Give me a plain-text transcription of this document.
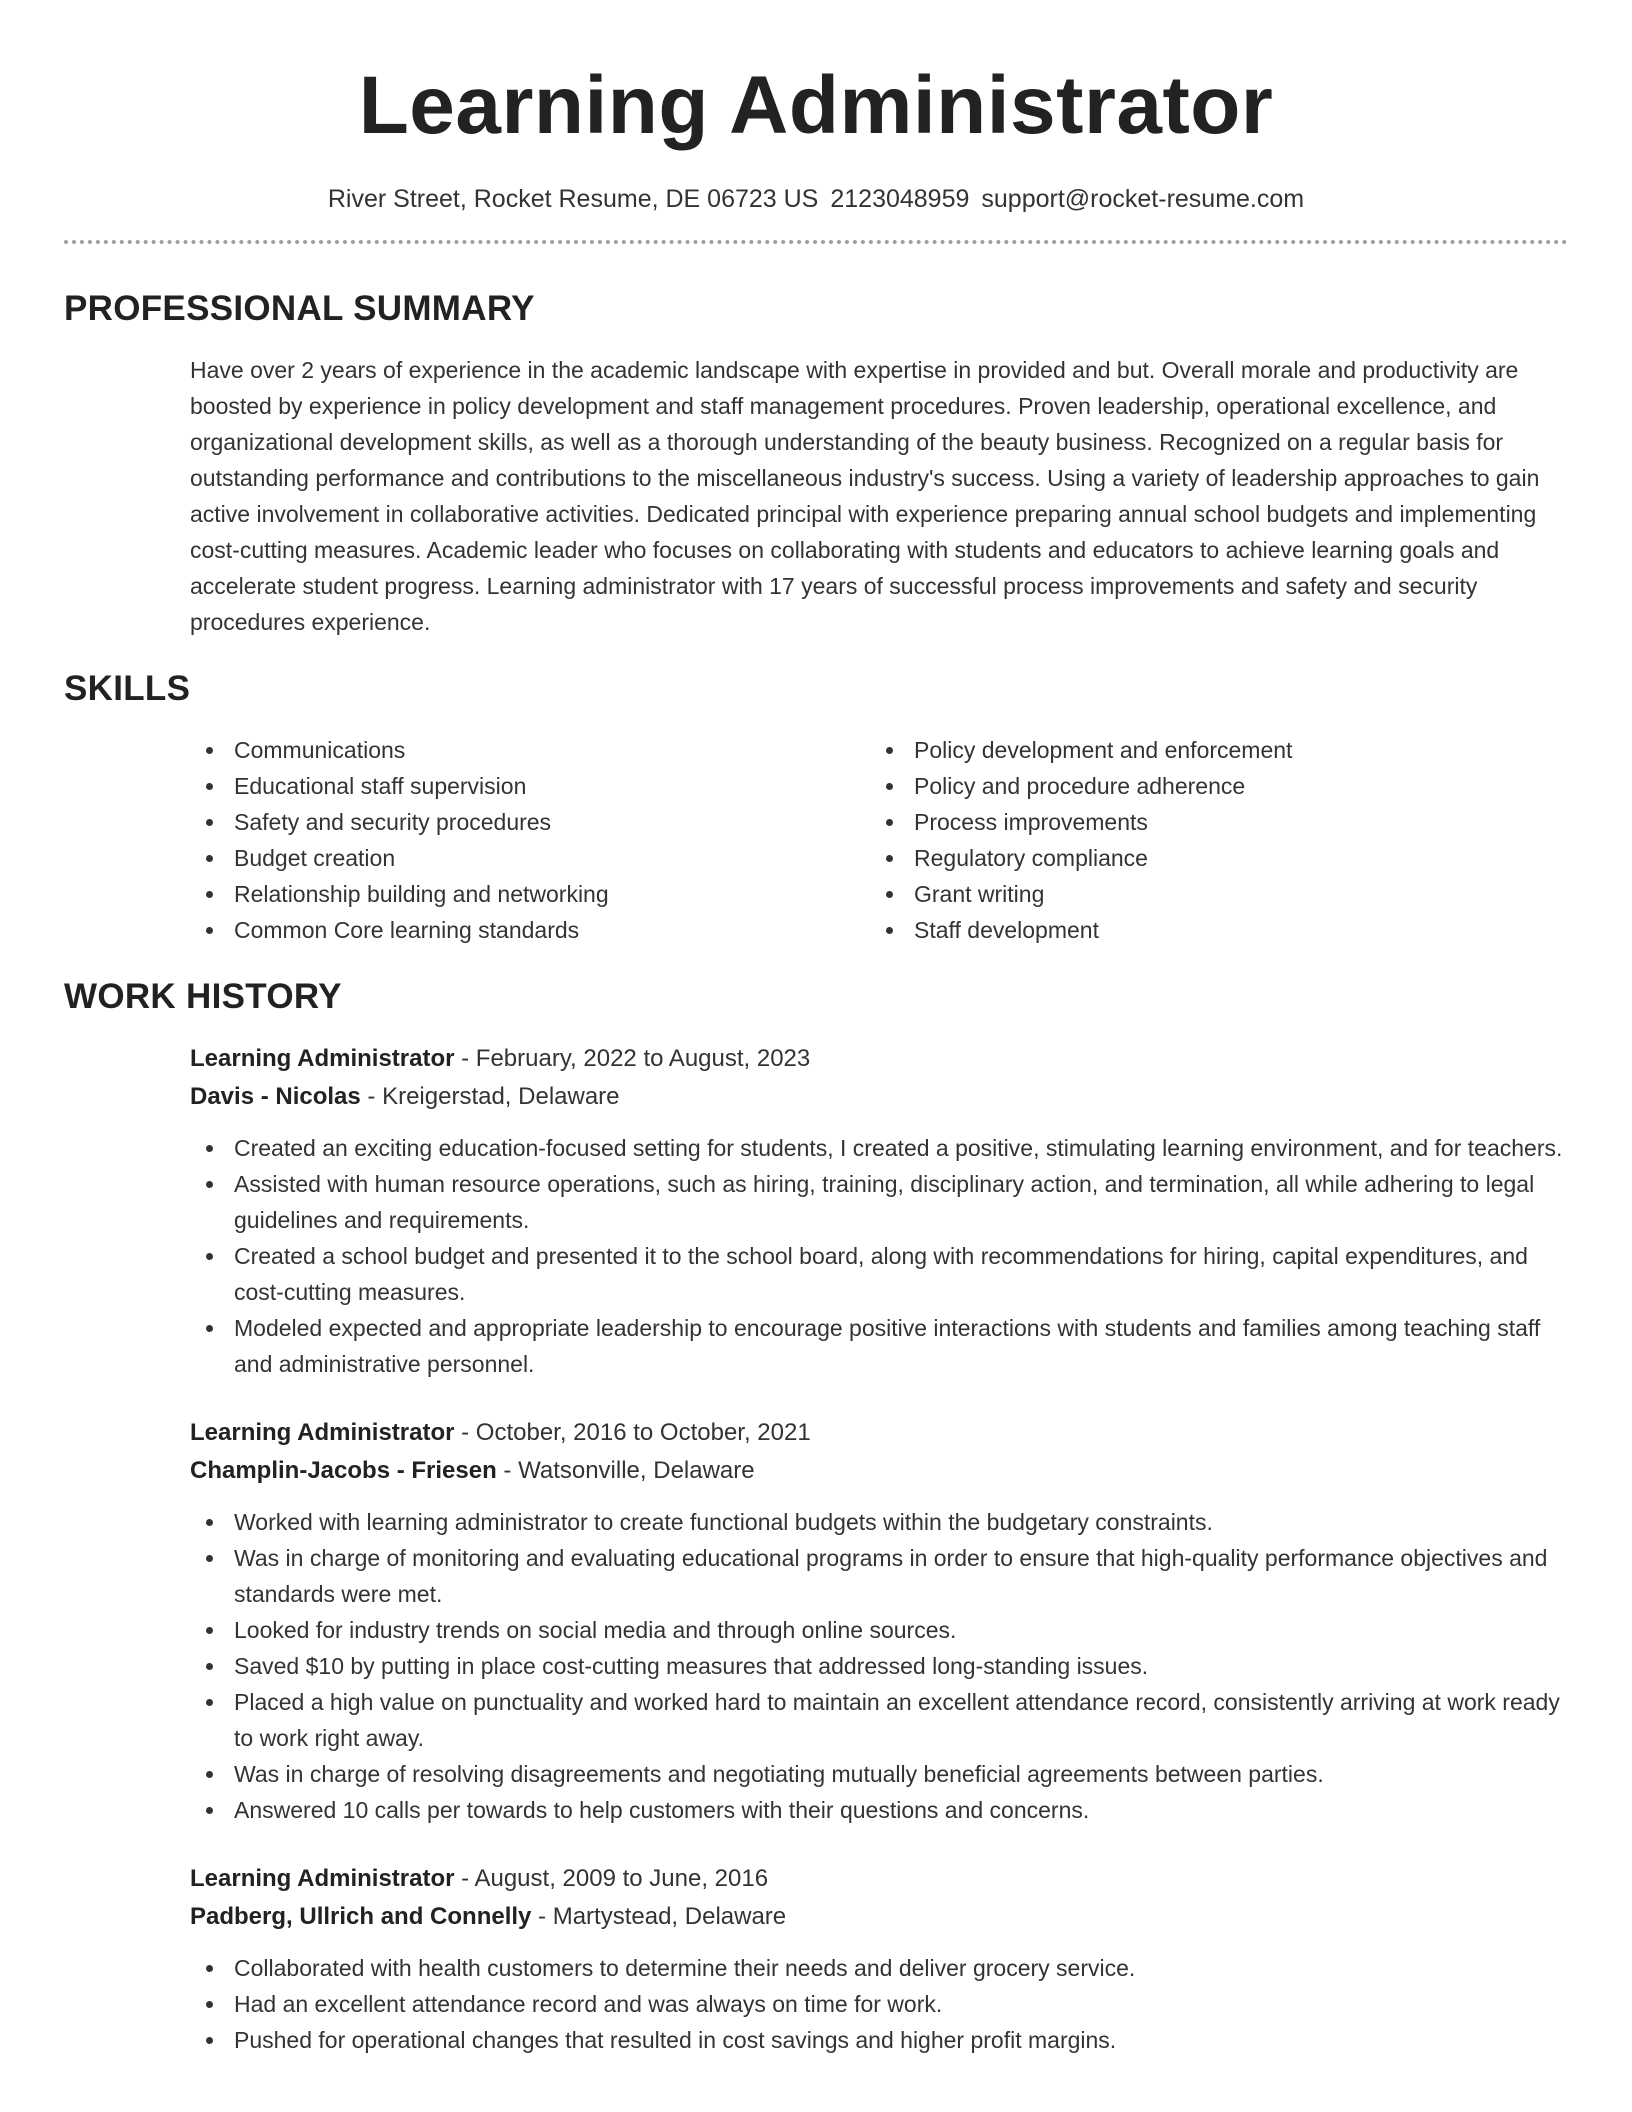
Learning Administrator
River Street, Rocket Resume, DE 06723 US 2123048959 support@rocket-resume.com
PROFESSIONAL SUMMARY

Have over 2 years of experience in the academic landscape with expertise in provided and but. Overall morale and productivity are boosted by experience in policy development and staff management procedures. Proven leadership, operational excellence, and organizational development skills, as well as a thorough understanding of the beauty business. Recognized on a regular basis for outstanding performance and contributions to the miscellaneous industry's success. Using a variety of leadership approaches to gain active involvement in collaborative activities. Dedicated principal with experience preparing annual school budgets and implementing cost-cutting measures. Academic leader who focuses on collaborating with students and educators to achieve learning goals and accelerate student progress. Learning administrator with 17 years of successful process improvements and safety and security procedures experience.

SKILLS
Communications
Educational staff supervision
Safety and security procedures
Budget creation
Relationship building and networking
Common Core learning standards
Policy development and enforcement
Policy and procedure adherence
Process improvements
Regulatory compliance
Grant writing
Staff development
WORK HISTORY
Learning Administrator - February, 2022 to August, 2023
Davis - Nicolas - Kreigerstad, Delaware
Created an exciting education-focused setting for students, I created a positive, stimulating learning environment, and for teachers.
Assisted with human resource operations, such as hiring, training, disciplinary action, and termination, all while adhering to legal guidelines and requirements.
Created a school budget and presented it to the school board, along with recommendations for hiring, capital expenditures, and cost-cutting measures.
Modeled expected and appropriate leadership to encourage positive interactions with students and families among teaching staff and administrative personnel.
Learning Administrator - October, 2016 to October, 2021
Champlin-Jacobs - Friesen - Watsonville, Delaware
Worked with learning administrator to create functional budgets within the budgetary constraints.
Was in charge of monitoring and evaluating educational programs in order to ensure that high-quality performance objectives and standards were met.
Looked for industry trends on social media and through online sources.
Saved $10 by putting in place cost-cutting measures that addressed long-standing issues.
Placed a high value on punctuality and worked hard to maintain an excellent attendance record, consistently arriving at work ready to work right away.
Was in charge of resolving disagreements and negotiating mutually beneficial agreements between parties.
Answered 10 calls per towards to help customers with their questions and concerns.
Learning Administrator - August, 2009 to June, 2016
Padberg, Ullrich and Connelly - Martystead, Delaware
Collaborated with health customers to determine their needs and deliver grocery service.
Had an excellent attendance record and was always on time for work.
Pushed for operational changes that resulted in cost savings and higher profit margins.
